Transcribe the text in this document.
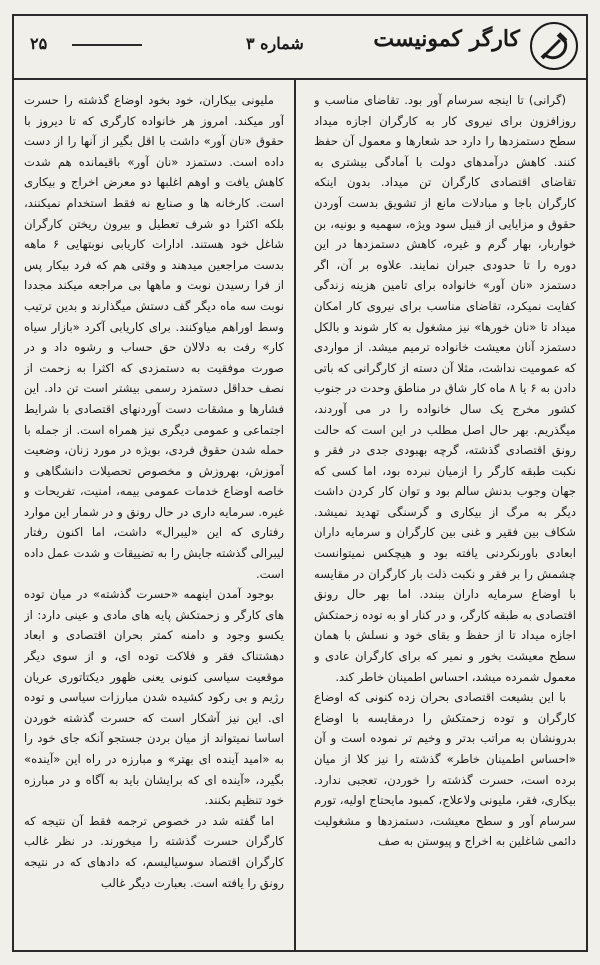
کارگر کمونیست
شماره ۳
۲۵

(گرانی) تا اینجه سرسام آور بود. تقاضای مناسب و روزافزون برای نیروی کار به کارگران اجازه میداد سطح دستمزدها را دارد حد شعارها و معمول آن حفظ کنند. کاهش درآمدهای دولت با آمادگی بیشتری به تقاضای اقتصادی کارگران تن میداد. بدون اینکه کارگران باجا و مبادلات مانع از تشویق بدست آوردن حقوق و مزایایی از قبیل سود ویژه، سهمیه و بونیه، بن خواربار، بهار گرم و غیره، کاهش دستمزدها در این دوره را تا حدودی جبران نمایند. علاوه بر آن، اگر دستمزد «نان آور» خانواده برای تامین هزینه زندگی کفایت نمیکرد، تقاضای مناسب برای نیروی کار امکان میداد تا «نان خورها» نیز مشغول به کار شوند و بالکل دستمزد آنان معیشت خانواده ترمیم میشد. از مواردی که عمومیت نداشت، مثلا آن دسته از کارگرانی که باتی دادن به ۶ یا ۸ ماه کار شاق در مناطق وحدت در جنوب کشور مخرج یک سال خانواده را در می آوردند، میگذریم. بهر حال اصل مطلب در این است که حالت رونق اقتصادی گذشته، گرچه بهبودی جدی در فقر و نکبت طبقه کارگر را ازمیان نبرده بود، اما کسی که جهان وجوب بدنش سالم بود و توان کار کردن داشت دیگر به مرگ از بیکاری و گرسنگی تهدید نمیشد. شکاف بین فقیر و غنی بین کارگران و سرمایه داران ابعادی باورنکردنی یافته بود و هیچکس نمیتوانست چشمش را بر فقر و نکبت ذلت بار کارگران در مقایسه با اوضاع سرمایه داران ببندد. اما بهر حال رونق اقتصادی به طبقه کارگر، و در کنار او به توده زحمتکش اجازه میداد تا از حفظ و بقای خود و نسلش با همان سطح معیشت بخور و نمیر که برای کارگران عادی و معمول شمرده میشد، احساس اطمینان خاطر کند.

با این بشیعت اقتصادی بحران زده کنونی که اوضاع کارگران و توده زحمتکش را درمقایسه با اوضاع بدرونشان به مراتب بدتر و وخیم تر نموده است و آن «احساس اطمینان خاطر» گذشته را نیز کلا از میان برده است، حسرت گذشته را خوردن، تعجبی ندارد. بیکاری، فقر، ملیونی ولاعلاج، کمبود مایحتاج اولیه، تورم سرسام آور و سطح معیشت، دستمزدها و مشغولیت دائمی شاغلین به اخراج و پیوستن به صف

ملیونی بیکاران، خود بخود اوضاع گذشته را حسرت آور میکند. امروز هر خانواده کارگری که تا دیروز با حقوق «نان آور» داشت با اقل بگیر از آنها را از دست داده است. دستمزد «نان آور» باقیمانده هم شدت کاهش یافت و اوهم اغلبها دو معرض اخراج و بیکاری است. کارخانه ها و صنایع نه فقط استخدام نمیکنند، بلکه اکثرا دو شرف تعطیل و بیرون ریختن کارگران شاغل خود هستند. ادارات کاریابی نوبتهایی ۶ ماهه بدست مراجعین میدهند و وقتی هم که فرد بیکار پس از فرا رسیدن نوبت و ماهها بی مراجعه میکند مجددا نوبت سه ماه دیگر گف دستش میگذارند و بدین ترتیب وسط اوراهم میاوکنند. برای کاریابی آکرد «بازار سیاه کار» رفت به دلالان حق حساب و رشوه داد و در صورت موفقیت به دستمزدی که اکثرا به زحمت از نصف حداقل دستمزد رسمی بیشتر است تن داد. این فشارها و مشقات دست آوردنهای اقتصادی با شرایط اجتماعی و عمومی دیگری نیز همراه است. از جمله با حمله شدن حقوق فردی، بویژه در مورد زنان، وضعیت آموزش، بهروزش و مخصوص تحصیلات دانشگاهی و خاصه اوضاع خدمات عمومی بیمه، امنیت، تفریحات و غیره. سرمایه داری در حال رونق و در شمار این موارد رفتاری که این «لیبرال» داشت، اما اکنون رفتار لیبرالی گذشته جایش را به تضییقات و شدت عمل داده است.

بوجود آمدن اینهمه «حسرت گذشته» در میان توده های کارگر و زحمتکش پایه های مادی و عینی دارد: از یکسو وجود و دامنه کمتر بحران اقتصادی و ابعاد دهشتناک فقر و فلاکت توده ای، و از سوی دیگر موقعیت سیاسی کنونی یعنی ظهور دیکتاتوری عریان رژیم و بی رکود کشیده شدن مبارزات سیاسی و توده ای. این نیز آشکار است که حسرت گذشته خوردن اساسا نمیتواند از میان بردن جستجو آنکه جای خود را به «امید آینده ای بهتر» و مبارزه در راه این «آینده» بگیرد، «آینده ای که برایشان باید به آگاه و در مبارزه خود تنظیم بکنند.

اما گفته شد در خصوص ترجمه فقط آن نتیجه که کارگران حسرت گذشته را میخورند. در نظر غالب کارگران اقتصاد سوسیالیسم، که دادهای که در نتیجه رونق را یافته است. بعبارت دیگر غالب
